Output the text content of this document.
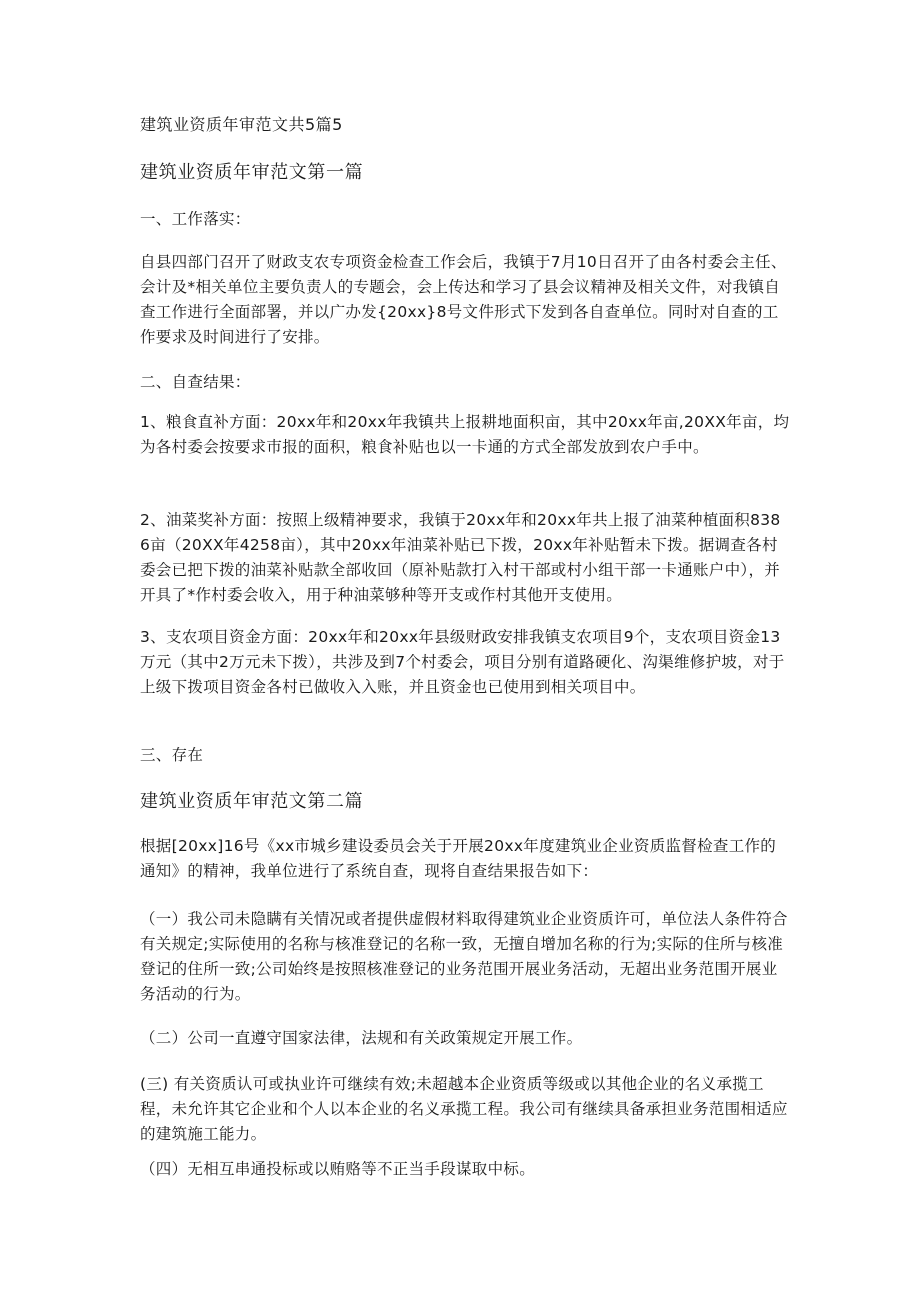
建筑业资质年审范文共5篇5
建筑业资质年审范文第一篇
一、工作落实：
自县四部门召开了财政支农专项资金检查工作会后，我镇于7月10日召开了由各村委会主任、会计及*相关单位主要负责人的专题会，会上传达和学习了县会议精神及相关文件，对我镇自查工作进行全面部署，并以广办发{20xx}8号文件形式下发到各自查单位。同时对自查的工作要求及时间进行了安排。
二、自查结果：
1、粮食直补方面：20xx年和20xx年我镇共上报耕地面积亩，其中20xx年亩,20XX年亩，均为各村委会按要求巿报的面积，粮食补贴也以一卡通的方式全部发放到农户手中。
2、油菜奖补方面：按照上级精神要求，我镇于20xx年和20xx年共上报了油菜种植面积8386亩（20XX年4258亩），其中20xx年油菜补贴已下拨，20xx年补贴暂未下拨。据调查各村委会已把下拨的油菜补贴款全部收回（原补贴款打入村干部或村小组干部一卡通账户中），并开具了*作村委会收入，用于种油菜够种等开支或作村其他开支使用。
3、支农项目资金方面：20xx年和20xx年县级财政安排我镇支农项目9个，支农项目资金13万元（其中2万元未下拨），共涉及到7个村委会，项目分别有道路硬化、沟渠维修护坡，对于上级下拨项目资金各村已做收入入账，并且资金也已使用到相关项目中。
三、存在
建筑业资质年审范文第二篇
根据[20xx]16号《xx市城乡建设委员会关于开展20xx年度建筑业企业资质监督检查工作的通知》的精神，我单位进行了系统自查，现将自查结果报告如下：
（一）我公司未隐瞒有关情况或者提供虚假材料取得建筑业企业资质许可，单位法人条件符合有关规定;实际使用的名称与核准登记的名称一致，无擅自增加名称的行为;实际的住所与核准登记的住所一致;公司始终是按照核准登记的业务范围开展业务活动，无超出业务范围开展业务活动的行为。
（二）公司一直遵守国家法律，法规和有关政策规定开展工作。
(三) 有关资质认可或执业许可继续有效;未超越本企业资质等级或以其他企业的名义承揽工程，未允许其它企业和个人以本企业的名义承揽工程。我公司有继续具备承担业务范围相适应的建筑施工能力。
（四）无相互串通投标或以贿赂等不正当手段谋取中标。
